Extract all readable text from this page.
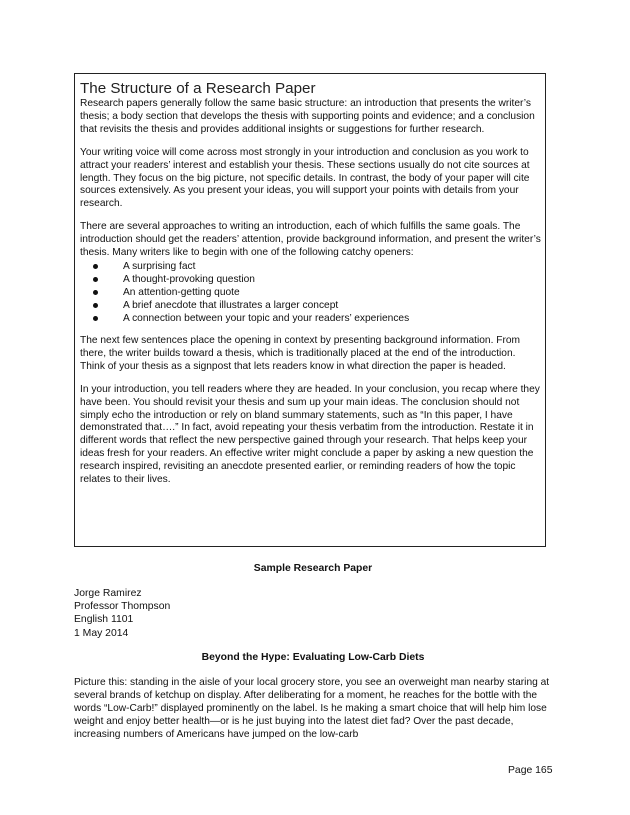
The Structure of a Research Paper

Research papers generally follow the same basic structure: an introduction that presents the writer’s thesis; a body section that develops the thesis with supporting points and evidence; and a conclusion that revisits the thesis and provides additional insights or suggestions for further research.

Your writing voice will come across most strongly in your introduction and conclusion as you work to attract your readers’ interest and establish your thesis. These sections usually do not cite sources at length. They focus on the big picture, not specific details. In contrast, the body of your paper will cite sources extensively. As you present your ideas, you will support your points with details from your research.

There are several approaches to writing an introduction, each of which fulfills the same goals. The introduction should get the readers’ attention, provide background information, and present the writer’s thesis. Many writers like to begin with one of the following catchy openers:

A surprising fact
A thought-provoking question
An attention-getting quote
A brief anecdote that illustrates a larger concept
A connection between your topic and your readers’ experiences

The next few sentences place the opening in context by presenting background information. From there, the writer builds toward a thesis, which is traditionally placed at the end of the introduction. Think of your thesis as a signpost that lets readers know in what direction the paper is headed.

In your introduction, you tell readers where they are headed. In your conclusion, you recap where they have been. You should revisit your thesis and sum up your main ideas. The conclusion should not simply echo the introduction or rely on bland summary statements, such as “In this paper, I have demonstrated that….” In fact, avoid repeating your thesis verbatim from the introduction. Restate it in different words that reflect the new perspective gained through your research. That helps keep your ideas fresh for your readers. An effective writer might conclude a paper by asking a new question the research inspired, revisiting an anecdote presented earlier, or reminding readers of how the topic relates to their lives.

Sample Research Paper
Jorge Ramirez
Professor Thompson
English 1101
1 May 2014
Beyond the Hype: Evaluating Low-Carb Diets
Picture this: standing in the aisle of your local grocery store, you see an overweight man nearby staring at several brands of ketchup on display. After deliberating for a moment, he reaches for the bottle with the words “Low-Carb!” displayed prominently on the label. Is he making a smart choice that will help him lose weight and enjoy better health—or is he just buying into the latest diet fad? Over the past decade, increasing numbers of Americans have jumped on the low-carb
Page 165
